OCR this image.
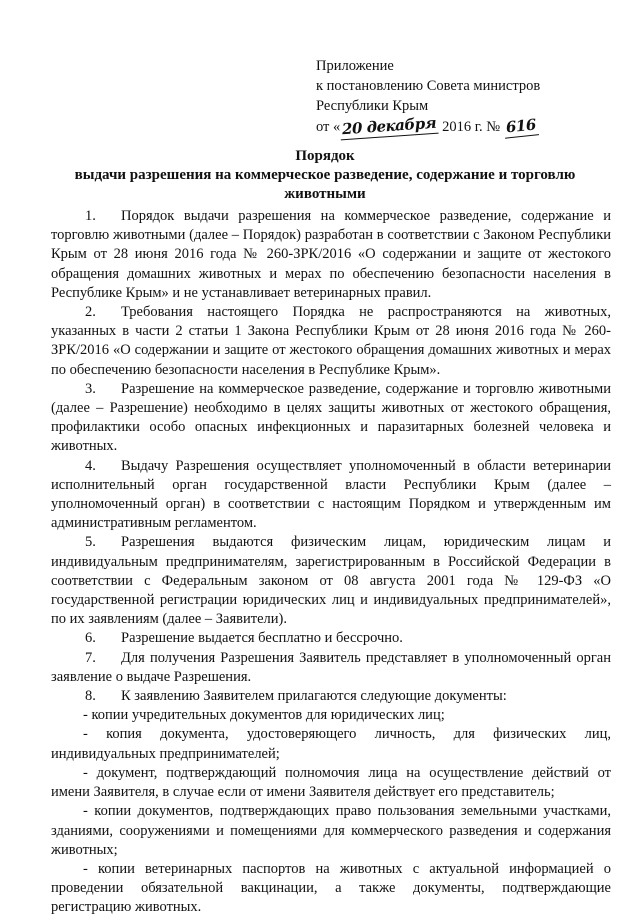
Приложение
к постановлению Совета министров
Республики Крым
от «20 декабря 2016 г. № 616
Порядок
выдачи разрешения на коммерческое разведение, содержание и торговлю животными

1. Порядок выдачи разрешения на коммерческое разведение, содержание и торговлю животными (далее – Порядок) разработан в соответствии с Законом Республики Крым от 28 июня 2016 года № 260-ЗРК/2016 «О содержании и защите от жестокого обращения домашних животных и мерах по обеспечению безопасности населения в Республике Крым» и не устанавливает ветеринарных правил.

2. Требования настоящего Порядка не распространяются на животных, указанных в части 2 статьи 1 Закона Республики Крым от 28 июня 2016 года № 260-ЗРК/2016 «О содержании и защите от жестокого обращения домашних животных и мерах по обеспечению безопасности населения в Республике Крым».

3. Разрешение на коммерческое разведение, содержание и торговлю животными (далее – Разрешение) необходимо в целях защиты животных от жестокого обращения, профилактики особо опасных инфекционных и паразитарных болезней человека и животных.

4. Выдачу Разрешения осуществляет уполномоченный в области ветеринарии исполнительный орган государственной власти Республики Крым (далее – уполномоченный орган) в соответствии с настоящим Порядком и утвержденным им административным регламентом.

5. Разрешения выдаются физическим лицам, юридическим лицам и индивидуальным предпринимателям, зарегистрированным в Российской Федерации в соответствии с Федеральным законом от 08 августа 2001 года № 129-ФЗ «О государственной регистрации юридических лиц и индивидуальных предпринимателей», по их заявлениям (далее – Заявители).

6. Разрешение выдается бесплатно и бессрочно.

7. Для получения Разрешения Заявитель представляет в уполномоченный орган заявление о выдаче Разрешения.

8. К заявлению Заявителем прилагаются следующие документы:

- копии учредительных документов для юридических лиц;

- копия документа, удостоверяющего личность, для физических лиц, индивидуальных предпринимателей;

- документ, подтверждающий полномочия лица на осуществление действий от имени Заявителя, в случае если от имени Заявителя действует его представитель;

- копии документов, подтверждающих право пользования земельными участками, зданиями, сооружениями и помещениями для коммерческого разведения и содержания животных;

- копии ветеринарных паспортов на животных с актуальной информацией о проведении обязательной вакцинации, а также документы, подтверждающие регистрацию животных.
